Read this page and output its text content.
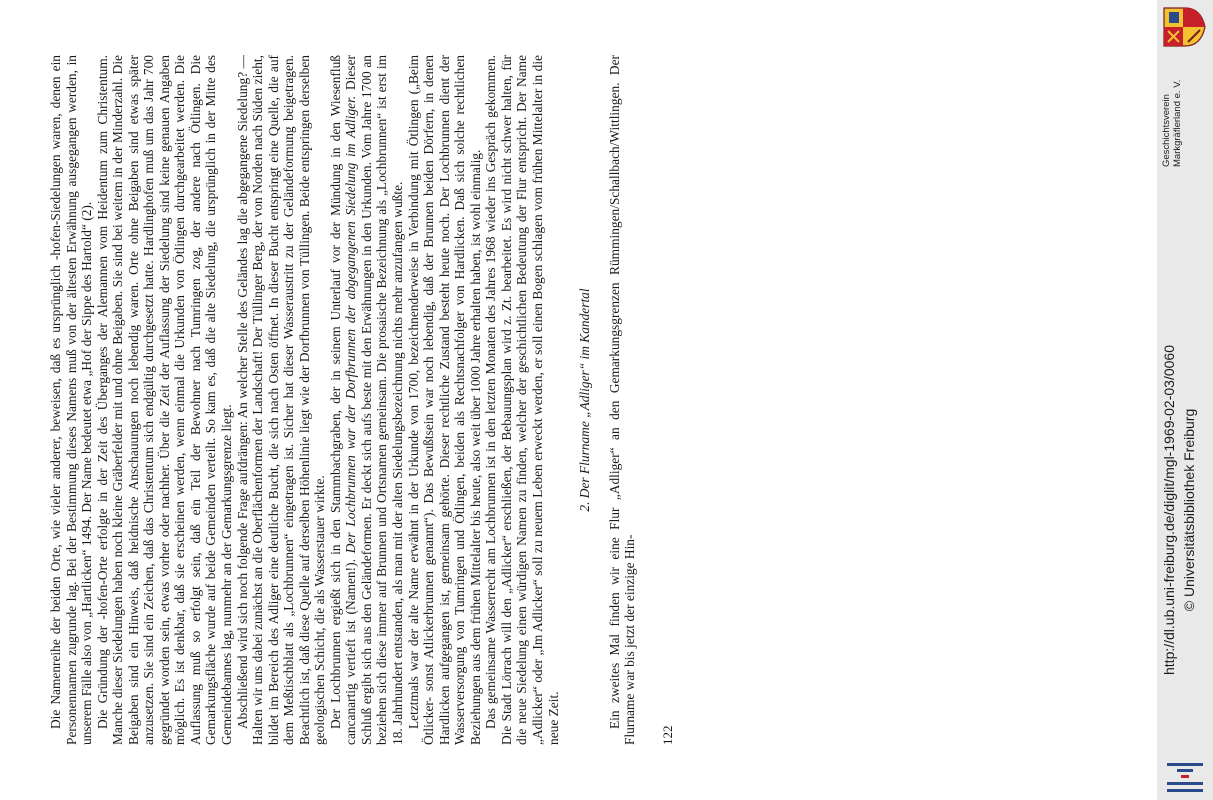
Die Namenreihe der beiden Orte, wie vieler anderer, beweisen, daß es ursprünglich -hofen-Siedelungen waren, denen ein Personennamen zugrunde lag. Bei der Bestimmung dieses Namens muß von der ältesten Erwähnung ausgegangen werden, in unserem Fälle also von „Hartlicken“ 1494. Der Name bedeutet etwa „Hof der Sippe des Hartold“ (2). Die Gründung der -hofen-Orte erfolgte in der Zeit des Überganges der Alemannen vom Heidentum zum Christentum. Manche dieser Siedelungen haben noch kleine Gräberfelder mit und ohne Beigaben. Sie sind bei weitem in der Minderzahl. Die Beigaben sind ein Hinweis, daß heidnische Anschauungen noch lebendig waren. Orte ohne Beigaben sind etwas später anzusetzen. Sie sind ein Zeichen, daß das Christentum sich endgültig durchgesetzt hatte. Hardlinghofen muß um das Jahr 700 gegründet worden sein, etwas vorher oder nachher. Über die Zeit der Auflassung der Siedelung sind keine genauen Angaben möglich. Es ist denkbar, daß sie erscheinen werden, wenn einmal die Urkunden von Ötlingen durchgearbeitet werden. Die Auflassung muß so erfolgt sein, daß ein Teil der Bewohner nach Tumringen zog, der andere nach Ötlingen. Die Gemarkungsfläche wurde auf beide Gemeinden verteilt. So kam es, daß die alte Siedelung, die ursprünglich in der Mitte des Gemeindebannes lag, nunmehr an der Gemarkungsgrenze liegt. Abschließend wird sich noch folgende Frage aufdrängen: An welcher Stelle des Geländes lag die abgegangene Siedelung? — Halten wir uns dabei zunächst an die Oberflächenformen der Landschaft! Der Tüllinger Berg, der von Norden nach Süden zieht, bildet im Bereich des Adliger eine deutliche Bucht, die sich nach Osten öffnet. In dieser Bucht entspringt eine Quelle, die auf dem Meßtischblatt als „Lochbrunnen“ eingetragen ist. Sicher hat dieser Wasseraustritt zu der Geländeformung beigetragen. Beachtlich ist, daß diese Quelle auf derselben Höhenlinie liegt wie der Dorfbrunnen von Tüllingen. Beide entspringen derselben geologischen Schicht, die als Wasserstauer wirkte. Der Lochbrunnen ergießt sich in den Stammbachgraben, der in seinem Unterlauf vor der Mündung in den Wiesenfluß cancanartig vertieft ist (Namen!). Der Lochbrunnen war der Dorfbrunnen der abgegangenen Siedelung im Adliger. Dieser Schluß ergibt sich aus den Geländeformen. Er deckt sich aufs beste mit den Erwähnungen in den Urkunden. Vom Jahre 1700 an beziehen sich diese immer auf Brunnen und Ortsnamen gemeinsam. Die prosaische Bezeichnung als „Lochbrunnen“ ist erst im 18. Jahrhundert entstanden, als man mit der alten Siedelungsbezeichnung nichts mehr anzufangen wußte. Letztmals war der alte Name erwähnt in der Urkunde von 1700, bezeichnenderweise in Verbindung mit Ötlingen („Beim Ötlicker- sonst Atlickerbrunnen genannt“). Das Bewußtsein war noch lebendig, daß der Brunnen beiden Dörfern, in denen Hardlicken aufgegangen ist, gemeinsam gehörte. Dieser rechtliche Zustand besteht heute noch. Der Lochbrunnen dient der Wasserversorgung von Tumringen und Ötlingen, beiden als Rechtsnachfolger von Hardlicken. Daß sich solche rechtlichen Beziehungen aus dem frühen Mittelalter bis heute, also weit über 1000 Jahre erhalten haben, ist wohl einmalig. Das gemeinsame Wasserrecht am Lochbrunnen ist in den letzten Monaten des Jahres 1968 wieder ins Gespräch gekommen. Die Stadt Lörrach will den „Adlicker“ erschließen, der Bebauungsplan wird z. Zt. bearbeitet. Es wird nicht schwer halten, für die neue Siedelung einen würdigen Namen zu finden, welcher der geschichtlichen Bedeutung der Flur entspricht. Der Name „Adlicker“ oder „Im Adlicker“ soll zu neuem Leben erweckt werden, er soll einen Bogen schlagen vom frühen Mittelalter in die neue Zeit.

2. Der Flurname „Adliger“ im Kandertal Ein zweites Mal finden wir eine Flur „Adliger“ an den Gemarkungsgrenzen Rümmingen/Schallbach/Wittlingen. Der Flurname war bis jetzt der einzige Hin- 122

http://dl.ub.uni-freiburg.de/diglit/mgl-1969-02-03/0060 © Universitätsbibliothek Freiburg
Geschichtsverein Markgräflerland e. V.
